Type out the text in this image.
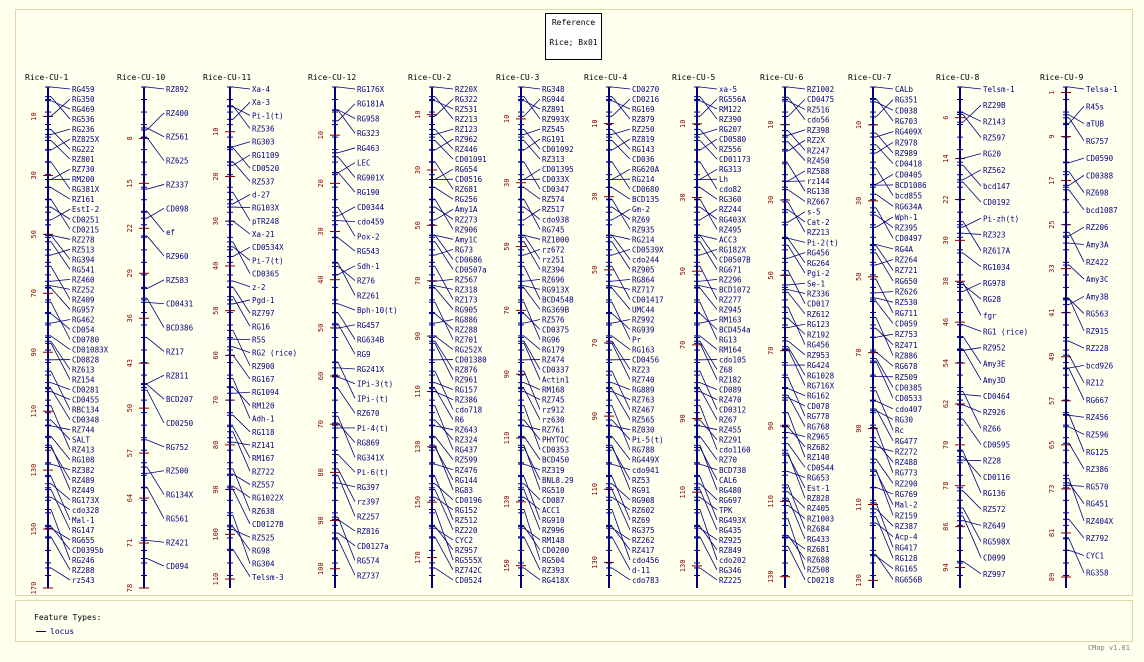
Reference
Rice; Bx01
Rice-CU-1
10
30
50
70
90
110
130
150
170
RG459
RG350
RG469
RG536
RG236
RZ825X
RG222
RZ801
RZ730
RM200
RG381X
RZ161
EstI-2
CD0251
CD0215
RZ278
RZ513
RG394
RG541
RZ460
RZ252
RZ409
RG957
RG462
CD054
CD0780
CD01083X
CD0828
RZ613
RZ154
CD0281
CD0455
RBC134
CD0348
RZ744
SALT
RZ413
RG108
RZ382
RZ489
RZ449
RG173X
cdo328
Mal-1
RG147
RG655
CD0395b
RG246
RZ288
rz543
Rice-CU-10
8
15
22
29
36
43
50
57
64
71
78
RZ892
RZ400
RZ561
RZ625
RZ337
CD098
ef
RZ960
RZ583
CD0431
BCD386
RZ17
RZ811
BCD207
CD0250
RG752
RZ500
RG134X
RG561
RZ421
CD094
Rice-CU-11
10
20
30
40
50
60
70
80
90
100
110
Xa-4
Xa-3
Pi-1(t)
RZ536
RG303
RG1109
CD0520
RZ537
d-27
RG103X
pTR248
Xa-21
CD0534X
Pi-7(t)
CD0365
z-2
Pgd-1
RZ797
RG16
R5S
RG2 (rice)
RZ900
RG167
RG1094
RM120
Adh-1
RG118
RZ141
RM167
RZ722
RZ557
RG1022X
RZ638
CD0127B
RZ525
RG98
RG304
Telsm-3
Rice-CU-12
10
20
30
40
50
60
70
80
90
100
RG176X
RG181A
RG958
RG323
RG463
LEC
RG901X
RG190
CD0344
cdo459
Pox-2
RG543
Sdh-1
RZ76
RZ261
Bph-10(t)
RG457
RG634B
RG9
RG241X
IPi-3(t)
IPi-(t)
RZ670
Pi-4(t)
RG869
RG341X
Pi-6(t)
RG397
rz397
RZ257
RZ816
CD0127a
RG574
RZ737
Rice-CU-2
10
30
50
70
90
110
130
150
170
RZ20X
RG322
RZ531
RZ213
RZ123
RZ962
RZ446
CD01091
RG654
CD0516
RZ681
RG256
Amy1A
RZ273
RZ906
Amy1C
RG73
CD0686
CD0507a
RZ567
RZ318
RZ173
RG905
RG886
RZ288
RZ701
RG252X
CD01380
RZ876
RZ961
RG157
RZ386
cdo718
R6
RZ643
RZ324
RG437
RZ599
RZ476
RG144
RG83
CD0196
RG152
RZ512
RZ220
CYC2
RZ957
RG555X
RZ742C
CD0524
Rice-CU-3
10
30
50
70
90
110
130
150
RG348
RG944
RZ891
RZ993X
RZ545
RG191
CD01092
RZ313
CD01395
CD033X
CD0347
RZ574
RZ517
cdo938
RG745
RZ1000
rz672
rz251
RZ394
RZ696
RG913X
BCD454B
RG369B
RZ576
CD0375
RG96
RG179
RZ474
CD0337
Actin1
RM168
RZ745
rz912
rz630
RZ761
PHYTOC
CD0353
BCD450
RZ319
BNL8.29
RG510
CD087
ACC1
RG910
RZ996
RM148
CD0200
RG504
RZ393
RG418X
Rice-CU-4
10
30
50
70
90
110
130
CD0270
CD0216
RG169
RZ879
RZ250
RZ819
RG143
CD036
RG620A
RG214
CD0680
BCD135
Gm-2
RZ69
RZ935
RG214
CD0539X
cdo244
RZ905
RG864
RZ717
CD01417
UMC44
RZ992
RG939
Pr
RG163
CD0456
RZ23
RZ740
RG889
RZ763
RZ467
RZ565
RZ030
Pi-5(t)
RG788
RG449X
cdo941
RZ53
RG91
RG908
RZ602
RZ69
RG375
RZ262
RZ417
cdo456
d-11
cdo783
Rice-CU-5
10
30
50
70
90
110
130
xa-5
RG556A
RM122
RZ390
RG207
CD0580
RZ556
CD01173
RG313
Lh
cdo82
RG360
RZ244
RG403X
RZ495
ACC3
RG182X
CD0507B
RG671
RZ296
BCD1072
RZ277
RZ945
RM163
BCD454a
RG13
RM164
cdo105
Z68
RZ182
CD089
RZ470
CD0312
RZ67
RZ455
RZ291
cdo1160
RZ70
BCD738
CAL6
RG480
RG697
TPK
RG493X
RG435
RZ925
RZ849
cdo202
RG346
RZ225
Rice-CU-6
10
30
50
70
90
110
130
RZ1002
CD0475
RZ516
cdo56
RZ398
RZ2X
RZ247
RZ450
RZ588
rz144
RG138
RZ667
s-5
Cat-2
RZ213
Pi-2(t)
RG456
RG264
Pgi-2
Se-1
RZ336
CD017
RZ612
RG123
RZ192
RG456
RZ953
RG424
RG1028
RG716X
RG162
CD078
RG778
RG768
RZ965
RZ682
RZ140
CD0544
RG653
Est-1
RZ828
RZ405
RZ1003
RZ684
RG433
RZ681
RZ688
RZ508
CD0218
Rice-CU-7
10
30
50
70
90
110
130
CALb
RG351
CD038
RG703
RG409X
RZ978
RZ989
CD0418
CD0405
BCD1086
bcd855
RG634A
Wph-1
RZ395
CD0497
RG4A
RZ264
RZ721
RG650
RZ626
RZ530
RG711
CD059
RZ753
RZ471
RZ886
RG678
RZ509
CD0385
CD0533
cdo407
RG30
Rc
RG477
RZ272
RZ488
RG773
RZ290
RG769
Mal-2
RZ159
RZ387
Acp-4
RG417
RG128
RG165
RG656B
Rice-CU-8
6
14
22
30
38
46
54
62
70
78
86
94
Telsm-1
RZ29B
RZ143
RZ597
RG20
RZ562
bcd147
CD0192
Pi-zh(t)
RZ323
RZ617A
RG1034
RG978
RG28
fgr
RG1 (rice)
RZ952
Amy3E
Amy3D
CD0464
RZ926
RZ66
CD0595
RZ28
CD0116
RG136
RZ572
RZ649
RG598X
CD099
RZ997
Rice-CU-9
1
9
17
25
33
41
49
57
65
73
81
89
Telsa-1
R45s
aTUB
RG757
CD0590
CD0388
RZ698
bcd1087
RZ206
Amy3A
RZ422
Amy3C
Amy3B
RG563
RZ915
RZ228
bcd926
RZ12
RG667
RZ456
RZ596
RG125
RZ386
RG570
RG451
RZ404X
RZ792
CYC1
RG358
Feature Types:
locus
CMap v1.01
